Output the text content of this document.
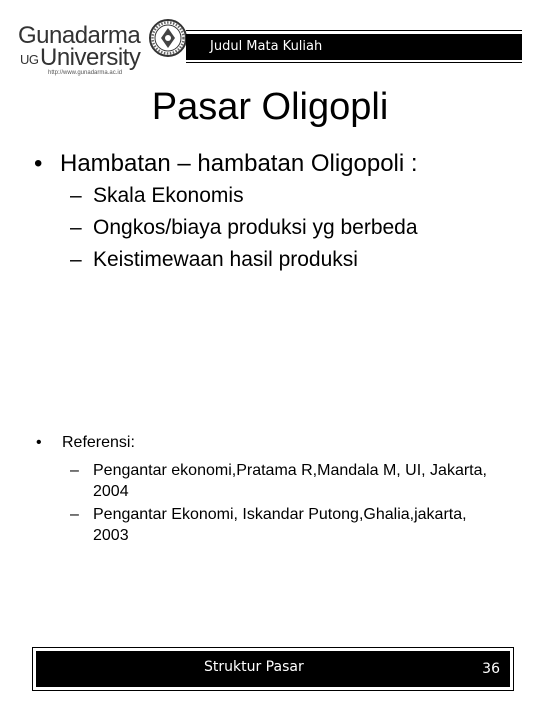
Gunadarma
UG University
http://www.gunadarma.ac.id
Judul Mata Kuliah
Pasar Oligopli
• Hambatan – hambatan Oligopoli :
– Skala Ekonomis
– Ongkos/biaya produksi yg berbeda
– Keistimewaan hasil produksi
• Referensi:
– Pengantar ekonomi,Pratama R,Mandala M, UI, Jakarta, 2004
– Pengantar Ekonomi, Iskandar Putong,Ghalia,jakarta, 2003
Struktur Pasar	36
